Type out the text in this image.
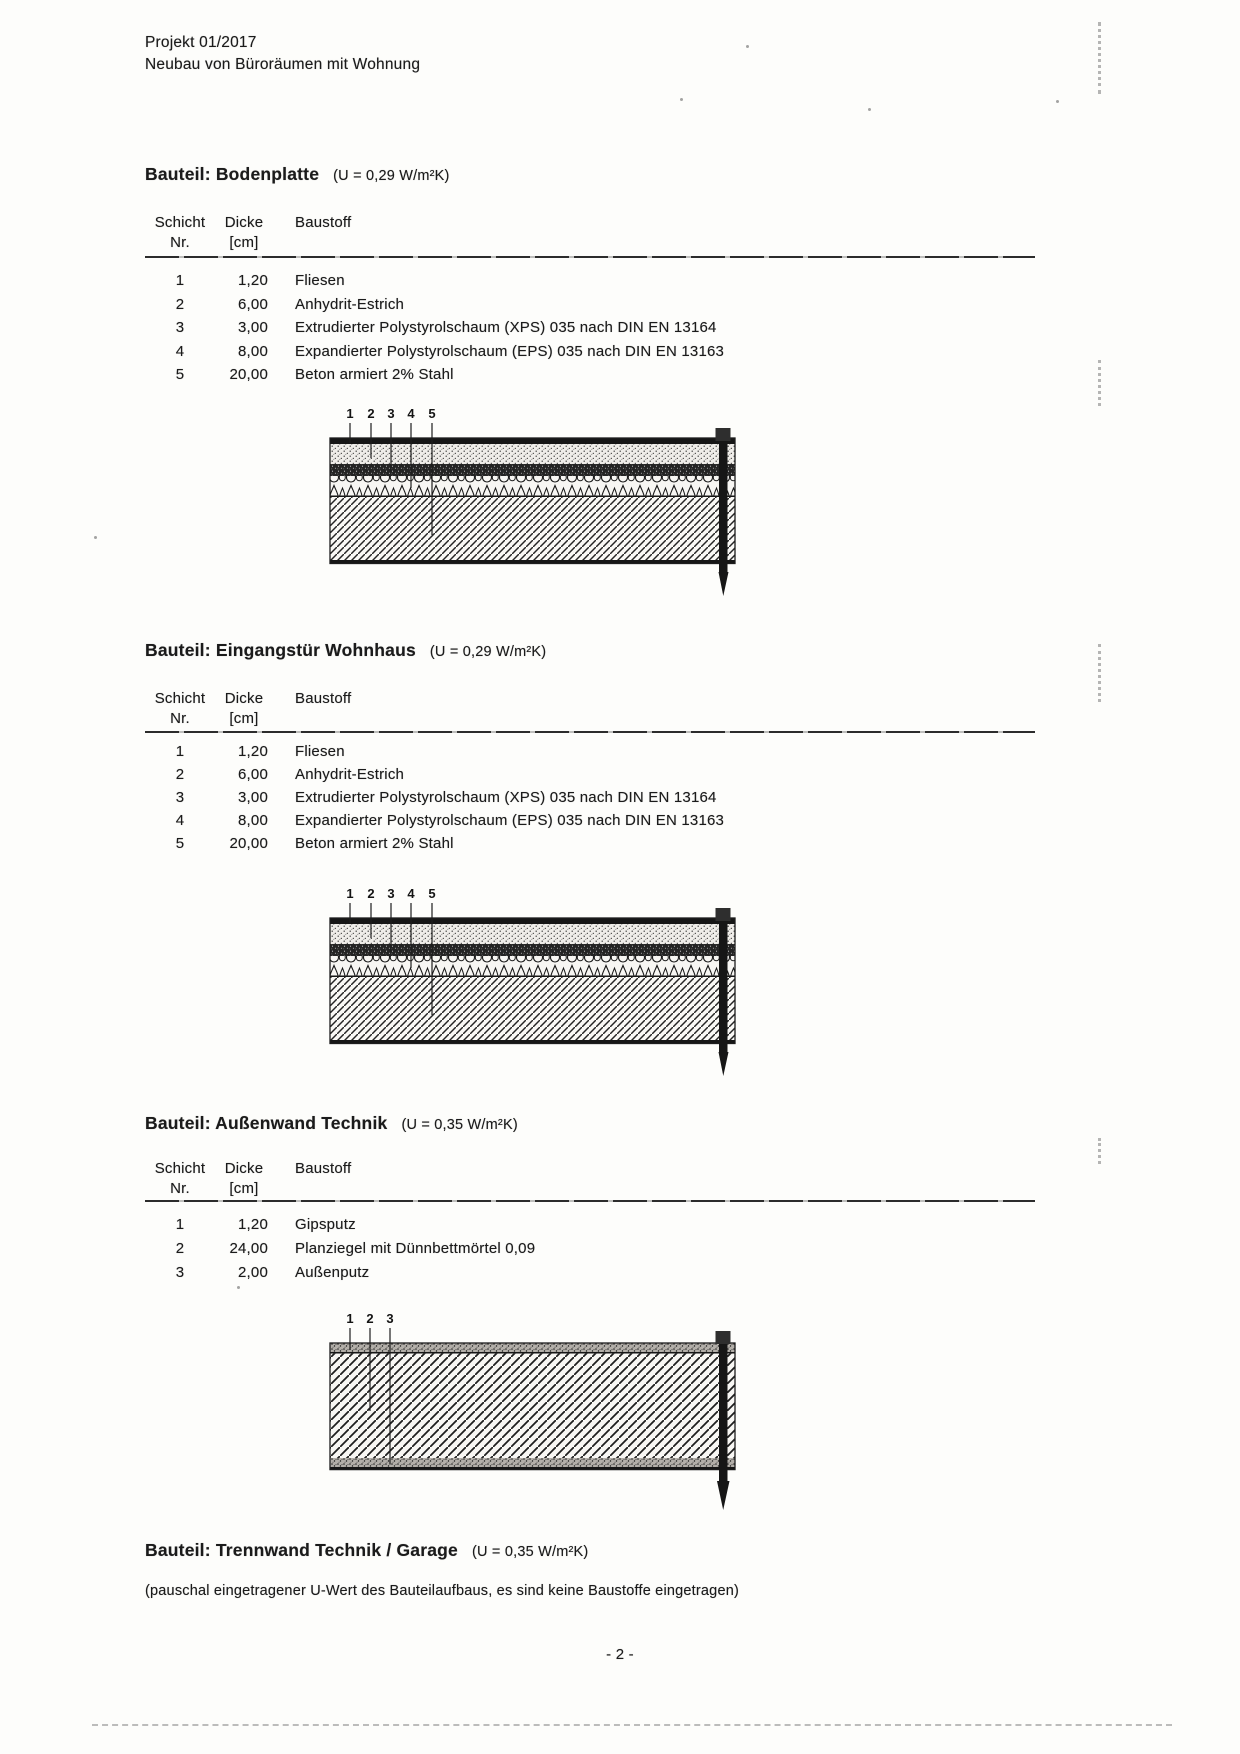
Projekt 01/2017
Neubau von Büroräumen mit Wohnung
Bauteil: Bodenplatte (U = 0,29 W/m²K)
Schicht	Dicke	Baustoff
Nr.	[cm]
1	1,20 Fliesen
2	6,00 Anhydrit-Estrich
3	3,00 Extrudierter Polystyrolschaum (XPS) 035 nach DIN EN 13164
4	8,00 Expandierter Polystyrolschaum (EPS) 035 nach DIN EN 13163
5	20,00 Beton armiert 2% Stahl
1 2 3 4 5
Bauteil: Eingangstür Wohnhaus (U = 0,29 W/m²K)
Schicht	Dicke	Baustoff
Nr.	[cm]
1	1,20 Fliesen
2	6,00 Anhydrit-Estrich
3	3,00 Extrudierter Polystyrolschaum (XPS) 035 nach DIN EN 13164
4	8,00 Expandierter Polystyrolschaum (EPS) 035 nach DIN EN 13163
5	20,00 Beton armiert 2% Stahl
1 2 3 4 5
Bauteil: Außenwand Technik (U = 0,35 W/m²K)
Schicht	Dicke	Baustoff
Nr.	[cm]
1	1,20 Gipsputz
2	24,00 Planziegel mit Dünnbettmörtel 0,09
3	2,00 Außenputz
1 2 3
Bauteil: Trennwand Technik / Garage (U = 0,35 W/m²K)
(pauschal eingetragener U-Wert des Bauteilaufbaus, es sind keine Baustoffe eingetragen)
- 2 -
